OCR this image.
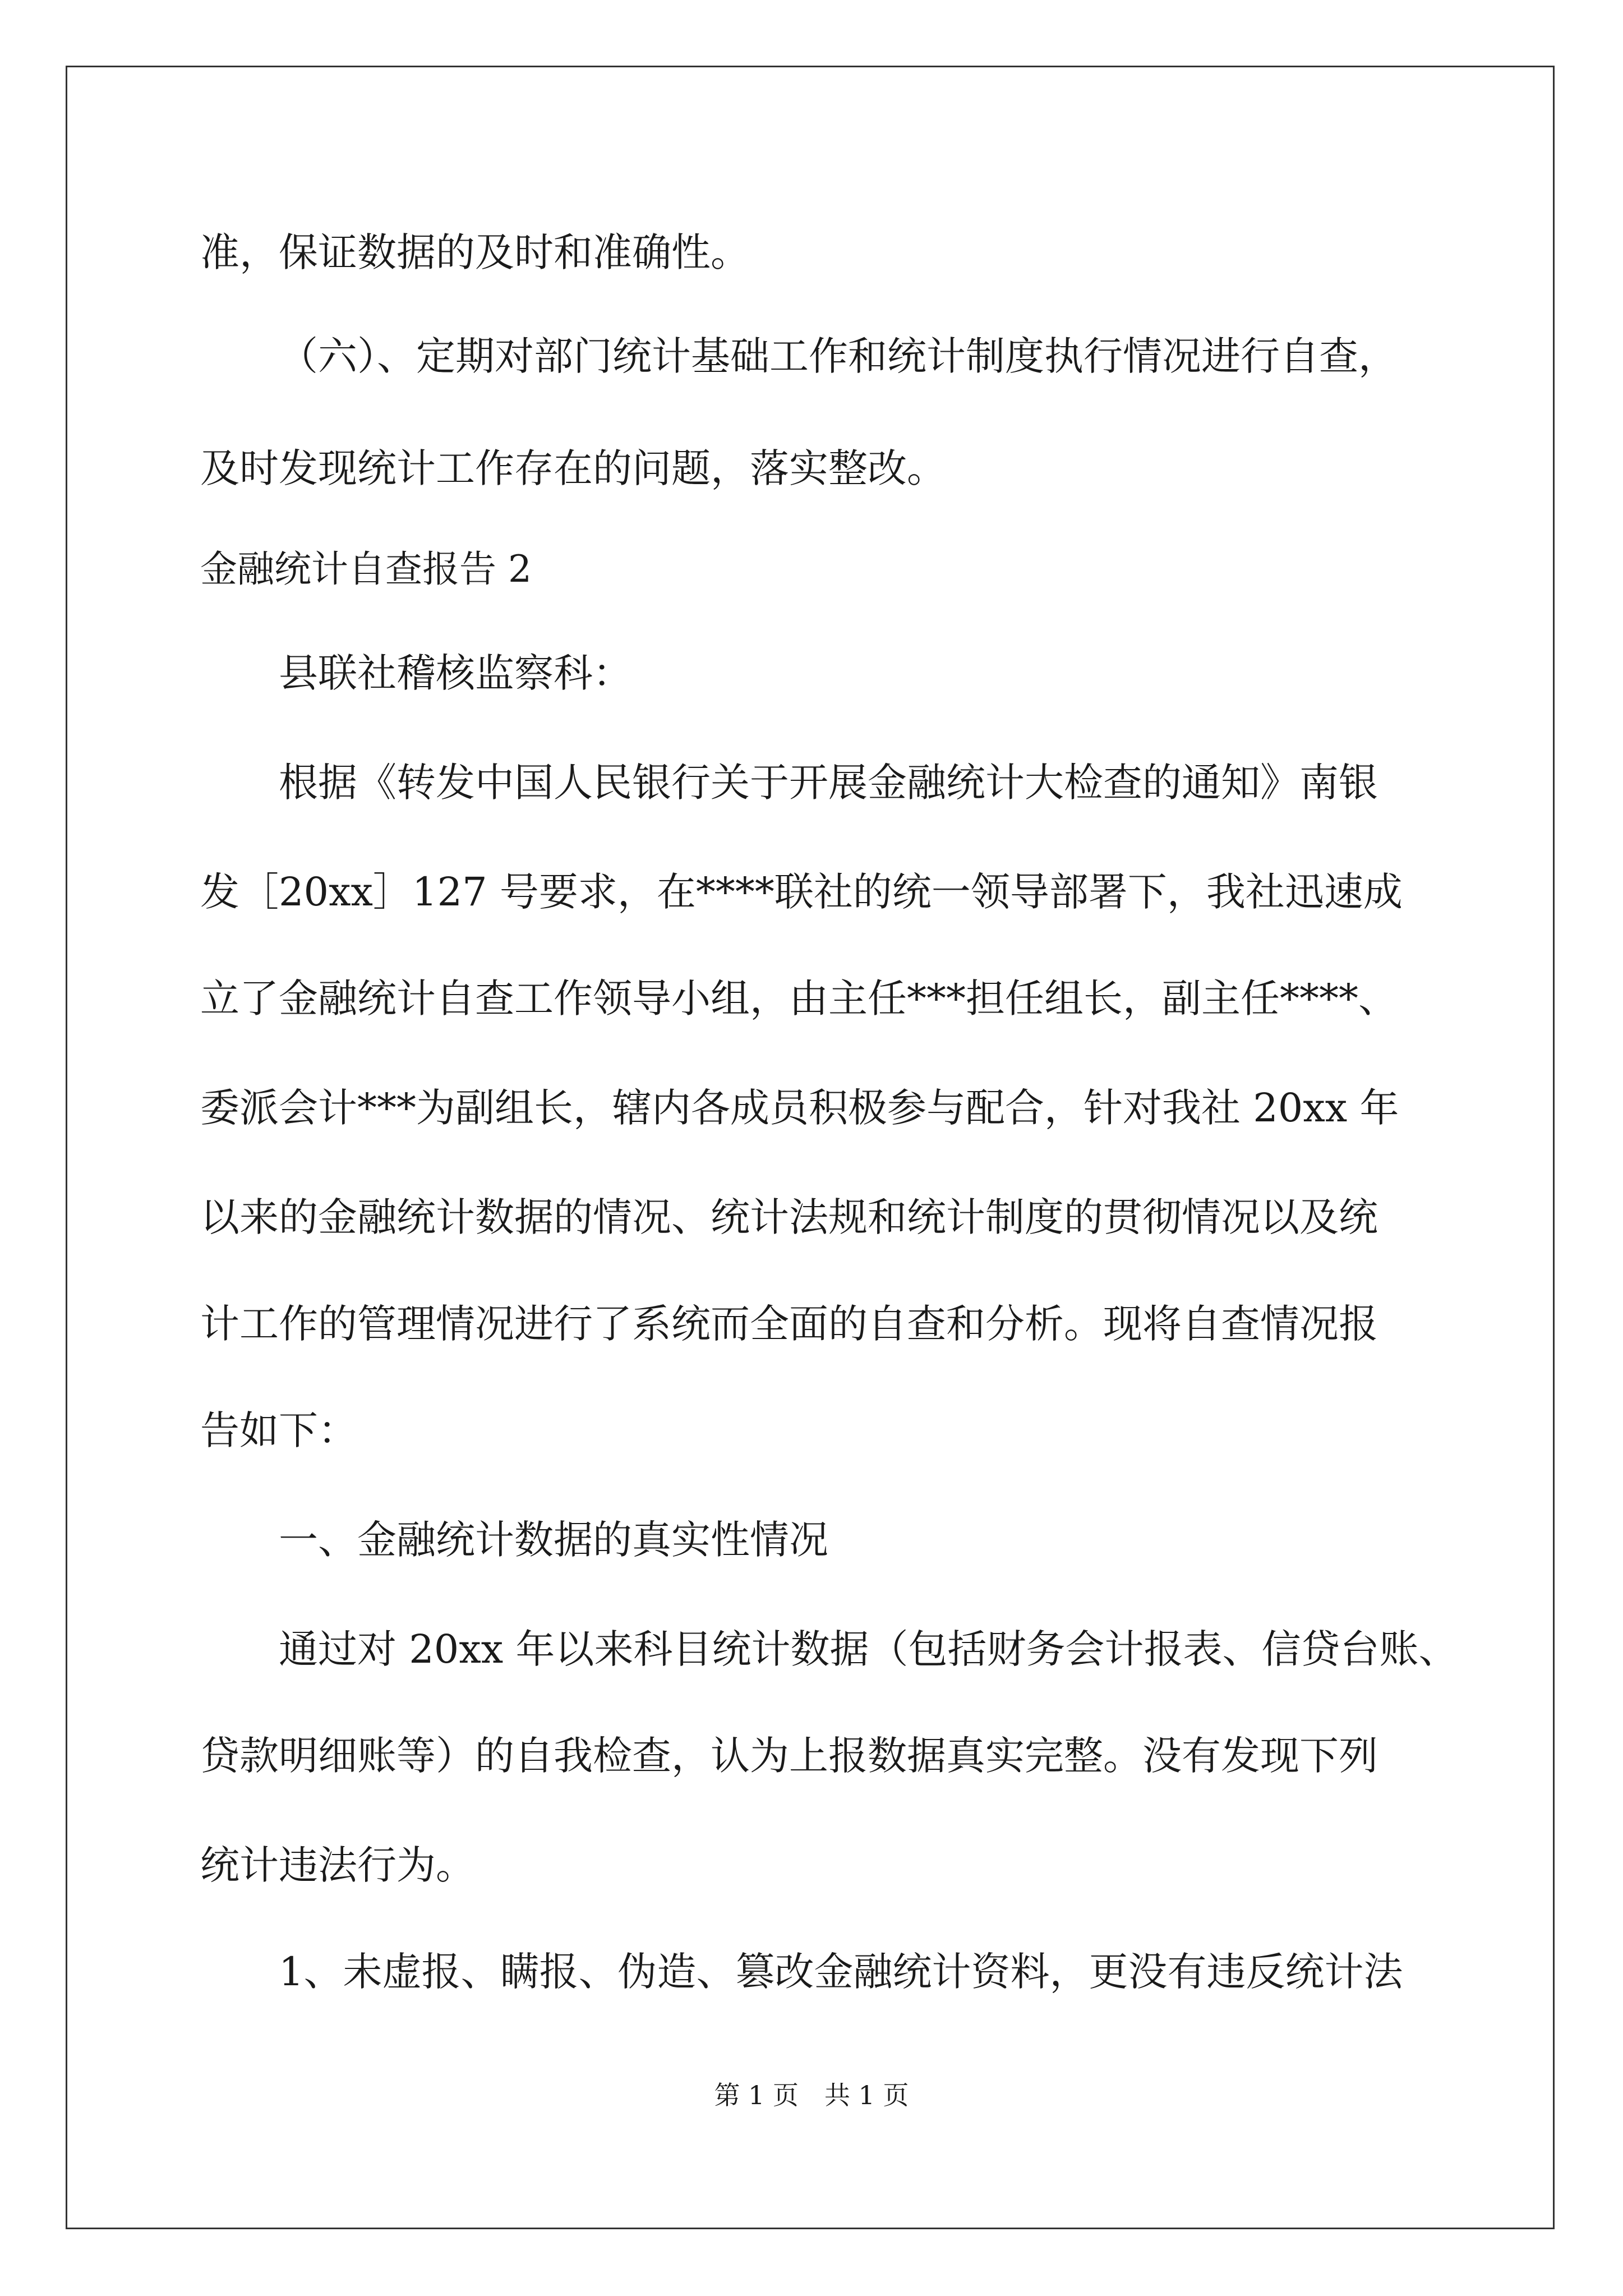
准，保证数据的及时和准确性。
（六）、定期对部门统计基础工作和统计制度执行情况进行自查，
及时发现统计工作存在的问题，落实整改。
金融统计自查报告 2
县联社稽核监察科：
根据《转发中国人民银行关于开展金融统计大检查的通知》南银
发［20xx］127 号要求，在****联社的统一领导部署下，我社迅速成
立了金融统计自查工作领导小组，由主任***担任组长，副主任****、
委派会计***为副组长，辖内各成员积极参与配合，针对我社 20xx 年
以来的金融统计数据的情况、统计法规和统计制度的贯彻情况以及统
计工作的管理情况进行了系统而全面的自查和分析。现将自查情况报
告如下：
一、金融统计数据的真实性情况
通过对 20xx 年以来科目统计数据（包括财务会计报表、信贷台账、
贷款明细账等）的自我检查，认为上报数据真实完整。没有发现下列
统计违法行为。
1、未虚报、瞒报、伪造、篡改金融统计资料，更没有违反统计法
第 1 页　共 1 页
